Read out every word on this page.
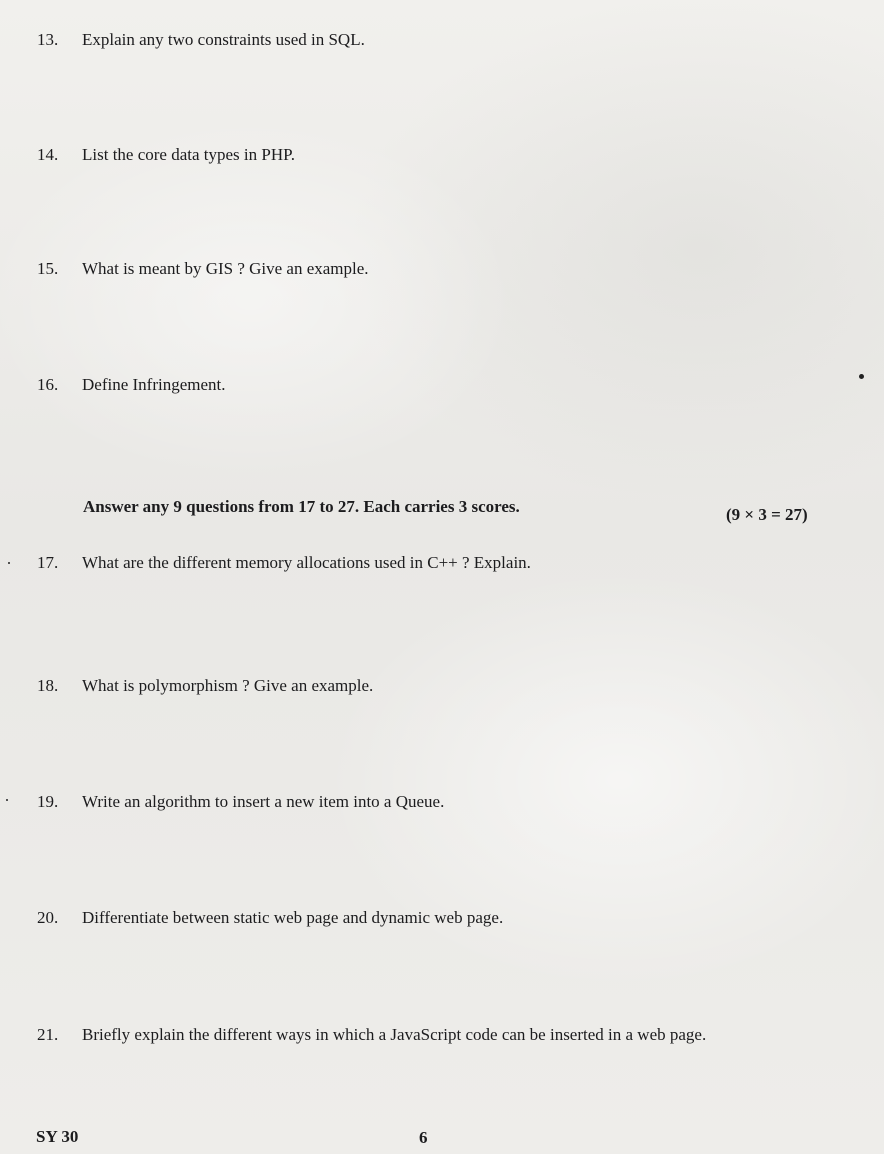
13. Explain any two constraints used in SQL.
14. List the core data types in PHP.
15. What is meant by GIS ? Give an example.
16. Define Infringement.
Answer any 9 questions from 17 to 27. Each carries 3 scores.	(9 × 3 = 27)
17. What are the different memory allocations used in C++ ? Explain.
18. What is polymorphism ? Give an example.
19. Write an algorithm to insert a new item into a Queue.
20. Differentiate between static web page and dynamic web page.
21. Briefly explain the different ways in which a JavaScript code can be inserted in a web page.
SY 30	6
